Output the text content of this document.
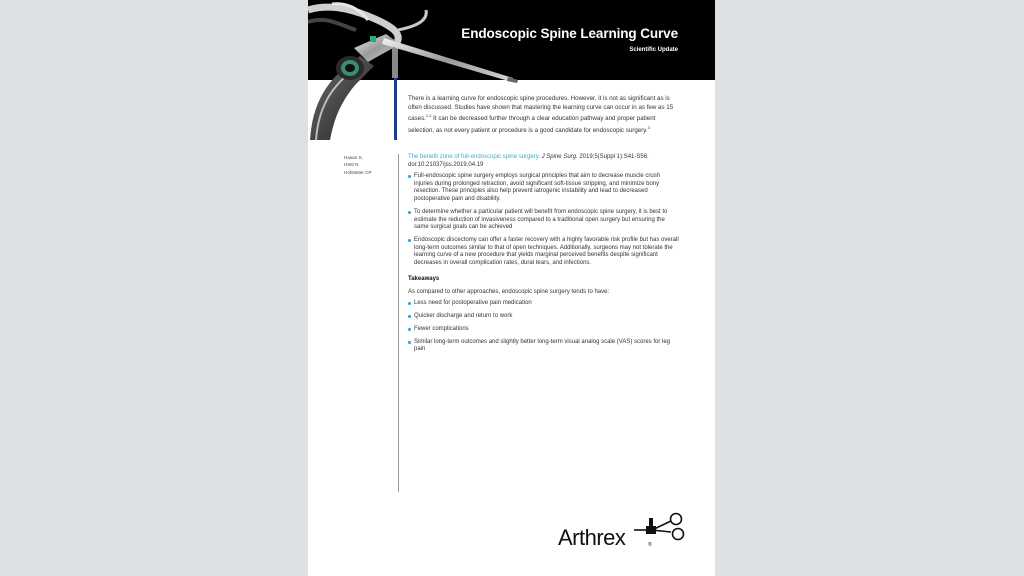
Endoscopic Spine Learning Curve
Scientific Update

There is a learning curve for endoscopic spine procedures. However, it is not as significant as is often discussed. Studies have shown that mastering the learning curve can occur in as few as 15 cases.$^{1,2}$ It can be decreased further through a clear education pathway and proper patient selection, as not every patient or procedure is a good candidate for endoscopic surgery.$^3$

Hasan S,
Härtl R,
Hofstetter CP

The benefit zone of full-endoscopic spine surgery. J Spine Surg. 2019;5(Suppl 1):S41-S56. doi:10.21037/jss.2019.04.19

Full-endoscopic spine surgery employs surgical principles that aim to decrease muscle crush injuries during prolonged retraction, avoid significant soft-tissue stripping, and minimize bony resection. These principles also help prevent iatrogenic instability and lead to decreased postoperative pain and disability.
To determine whether a particular patient will benefit from endoscopic spine surgery, it is best to estimate the reduction of invasiveness compared to a traditional open surgery but ensuring the same surgical goals can be achieved
Endoscopic discectomy can offer a faster recovery with a highly favorable risk profile but has overall long-term outcomes similar to that of open techniques. Additionally, surgeons may not tolerate the learning curve of a new procedure that yields marginal perceived benefits despite significant decreases in overall complication rates, dural tears, and infections.
Takeaways

As compared to other approaches, endoscopic spine surgery tends to have:

Less need for postoperative pain medication
Quicker discharge and return to work
Fewer complications
Similar long-term outcomes and slightly better long-term visual analog scale (VAS) scores for leg pain
Arthrex	®
